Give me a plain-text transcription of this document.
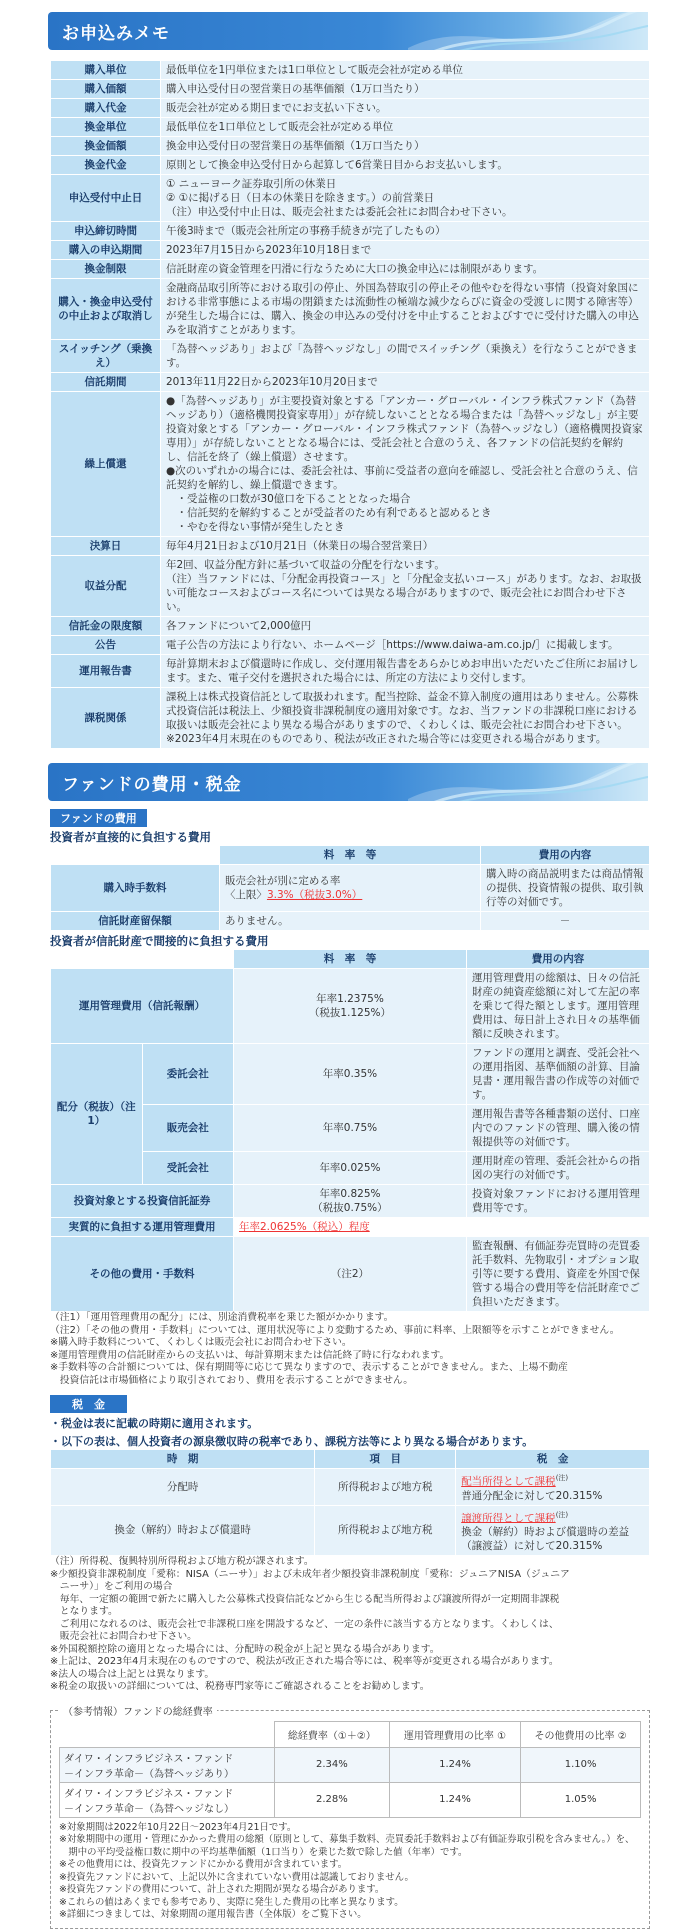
お申込みメモ
購入単位	最低単位を1円単位または1口単位として販売会社が定める単位
購入価額	購入申込受付日の翌営業日の基準価額（1万口当たり）
購入代金	販売会社が定める期日までにお支払い下さい。
換金単位	最低単位を1口単位として販売会社が定める単位
換金価額	換金申込受付日の翌営業日の基準価額（1万口当たり）
換金代金	原則として換金申込受付日から起算して6営業日目からお支払いします。
申込受付中止日	① ニューヨーク証券取引所の休業日
② ①に掲げる日（日本の休業日を除きます。）の前営業日
（注）申込受付中止日は、販売会社または委託会社にお問合わせ下さい。
申込締切時間	午後3時まで（販売会社所定の事務手続きが完了したもの）
購入の申込期間	2023年7月15日から2023年10月18日まで
換金制限	信託財産の資金管理を円滑に行なうために大口の換金申込には制限があります。
購入・換金申込受付の中止および取消し	金融商品取引所等における取引の停止、外国為替取引の停止その他やむを得ない事情（投資対象国における非常事態による市場の閉鎖または流動性の極端な減少ならびに資金の受渡しに関する障害等）が発生した場合には、購入、換金の申込みの受付けを中止することおよびすでに受付けた購入の申込みを取消すことがあります。
スイッチング（乗換え）	「為替ヘッジあり」および「為替ヘッジなし」の間でスイッチング（乗換え）を行なうことができます。
信託期間	2013年11月22日から2023年10月20日まで
繰上償還	●「為替ヘッジあり」が主要投資対象とする「アンカー・グローバル・インフラ株式ファンド（為替ヘッジあり）（適格機関投資家専用）」が存続しないこととなる場合または「為替ヘッジなし」が主要投資対象とする「アンカー・グローバル・インフラ株式ファンド（為替ヘッジなし）（適格機関投資家専用）」が存続しないこととなる場合には、受託会社と合意のうえ、各ファンドの信託契約を解約し、信託を終了（繰上償還）させます。
●次のいずれかの場合には、委託会社は、事前に受益者の意向を確認し、受託会社と合意のうえ、信託契約を解約し、繰上償還できます。
　・受益権の口数が30億口を下ることとなった場合
　・信託契約を解約することが受益者のため有利であると認めるとき
　・やむを得ない事情が発生したとき
決算日	毎年4月21日および10月21日（休業日の場合翌営業日）
収益分配	年2回、収益分配方針に基づいて収益の分配を行ないます。
（注）当ファンドには、「分配金再投資コース」と「分配金支払いコース」があります。なお、お取扱い可能なコースおよびコース名については異なる場合がありますので、販売会社にお問合わせ下さい。
信託金の限度額	各ファンドについて2,000億円
公告	電子公告の方法により行ない、ホームページ［https://www.daiwa-am.co.jp/］に掲載します。
運用報告書	毎計算期末および償還時に作成し、交付運用報告書をあらかじめお申出いただいたご住所にお届けします。また、電子交付を選択された場合には、所定の方法により交付します。
課税関係	課税上は株式投資信託として取扱われます。配当控除、益金不算入制度の適用はありません。公募株式投資信託は税法上、少額投資非課税制度の適用対象です。なお、当ファンドの非課税口座における取扱いは販売会社により異なる場合がありますので、くわしくは、販売会社にお問合わせ下さい。
※2023年4月末現在のものであり、税法が改正された場合等には変更される場合があります。
ファンドの費用・税金
ファンドの費用
投資者が直接的に負担する費用
	料　率　等	費用の内容
購入時手数料	販売会社が別に定める率
〈上限〉3.3%（税抜3.0%）	購入時の商品説明または商品情報の提供、投資情報の提供、取引執行等の対価です。
信託財産留保額	ありません。	－
投資者が信託財産で間接的に負担する費用
		料　率　等	費用の内容
運用管理費用（信託報酬）		年率1.2375%
（税抜1.125%）	運用管理費用の総額は、日々の信託財産の純資産総額に対して左記の率を乗じて得た額とします。運用管理費用は、毎日計上され日々の基準価額に反映されます。
配分（税抜）（注1）	委託会社	年率0.35%	ファンドの運用と調査、受託会社への運用指図、基準価額の計算、目論見書・運用報告書の作成等の対価です。
	販売会社	年率0.75%	運用報告書等各種書類の送付、口座内でのファンドの管理、購入後の情報提供等の対価です。
	受託会社	年率0.025%	運用財産の管理、委託会社からの指図の実行の対価です。
投資対象とする投資信託証券		年率0.825%
（税抜0.75%）	投資対象ファンドにおける運用管理費用等です。
実質的に負担する運用管理費用		年率2.0625%（税込）程度	
その他の費用・手数料		（注2）	監査報酬、有価証券売買時の売買委託手数料、先物取引・オプション取引等に要する費用、資産を外国で保管する場合の費用等を信託財産でご負担いただきます。
（注1）「運用管理費用の配分」には、別途消費税率を乗じた額がかかります。
（注2）「その他の費用・手数料」については、運用状況等により変動するため、事前に料率、上限額等を示すことができません。
※購入時手数料について、くわしくは販売会社にお問合わせ下さい。
※運用管理費用の信託財産からの支払いは、毎計算期末または信託終了時に行なわれます。
※手数料等の合計額については、保有期間等に応じて異なりますので、表示することができません。また、上場不動産
　投資信託は市場価格により取引されており、費用を表示することができません。
税　金
・税金は表に記載の時期に適用されます。
・以下の表は、個人投資者の源泉徴収時の税率であり、課税方法等により異なる場合があります。
時　期	項　目	税　金
分配時	所得税および地方税	配当所得として課税$^{(注)}$
普通分配金に対して20.315%
換金（解約）時および償還時	所得税および地方税	譲渡所得として課税$^{(注)}$
換金（解約）時および償還時の差益（譲渡益）に対して20.315%
（注）所得税、復興特別所得税および地方税が課されます。
※少額投資非課税制度「愛称：NISA（ニーサ）」および未成年者少額投資非課税制度「愛称：ジュニアNISA（ジュニア
　ニーサ）」をご利用の場合
　毎年、一定額の範囲で新たに購入した公募株式投資信託などから生じる配当所得および譲渡所得が一定期間非課税
　となります。
　ご利用になれるのは、販売会社で非課税口座を開設するなど、一定の条件に該当する方となります。くわしくは、
　販売会社にお問合わせ下さい。
※外国税額控除の適用となった場合には、分配時の税金が上記と異なる場合があります。
※上記は、2023年4月末現在のものですので、税法が改正された場合等には、税率等が変更される場合があります。
※法人の場合は上記とは異なります。
※税金の取扱いの詳細については、税務専門家等にご確認されることをお勧めします。
（参考情報）ファンドの総経費率
	総経費率（①＋②）	運用管理費用の比率 ①	その他費用の比率 ②
ダイワ・インフラビジネス・ファンド
－インフラ革命－（為替ヘッジあり）	2.34%	1.24%	1.10%
ダイワ・インフラビジネス・ファンド
－インフラ革命－（為替ヘッジなし）	2.28%	1.24%	1.05%
※対象期間は2022年10月22日～2023年4月21日です。
※対象期間中の運用・管理にかかった費用の総額（原則として、募集手数料、売買委託手数料および有価証券取引税を含みません。）を、
　期中の平均受益権口数に期中の平均基準価額（1口当り）を乗じた数で除した値（年率）です。
※その他費用には、投資先ファンドにかかる費用が含まれています。
※投資先ファンドにおいて、上記以外に含まれていない費用は認識しておりません。
※投資先ファンドの費用について、計上された期間が異なる場合があります。
※これらの値はあくまでも参考であり、実際に発生した費用の比率と異なります。
※詳細につきましては、対象期間の運用報告書（全体版）をご覧下さい。
